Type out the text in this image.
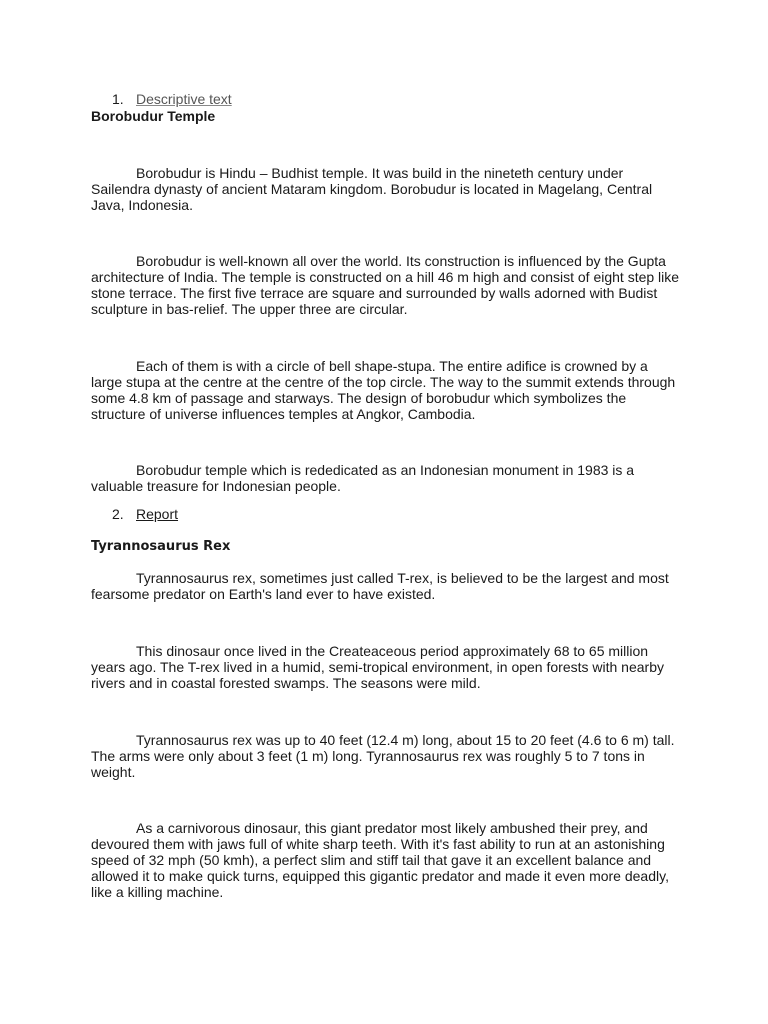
1. Descriptive text
Borobudur Temple

Borobudur is Hindu – Budhist temple. It was build in the nineteth century under Sailendra dynasty of ancient Mataram kingdom. Borobudur is located in Magelang, Central Java, Indonesia.

Borobudur is well-known all over the world. Its construction is influenced by the Gupta architecture of India. The temple is constructed on a hill 46 m high and consist of eight step like stone terrace. The first five terrace are square and surrounded by walls adorned with Budist sculpture in bas-relief. The upper three are circular.

Each of them is with a circle of bell shape-stupa. The entire adifice is crowned by a large stupa at the centre at the centre of the top circle. The way to the summit extends through some 4.8 km of passage and starways. The design of borobudur which symbolizes the structure of universe influences temples at Angkor, Cambodia.

Borobudur temple which is rededicated as an Indonesian monument in 1983 is a valuable treasure for Indonesian people.

2. Report
Tyrannosaurus Rex

Tyrannosaurus rex, sometimes just called T-rex, is believed to be the largest and most fearsome predator on Earth's land ever to have existed.

This dinosaur once lived in the Createaceous period approximately 68 to 65 million years ago. The T-rex lived in a humid, semi-tropical environment, in open forests with nearby rivers and in coastal forested swamps. The seasons were mild.

Tyrannosaurus rex was up to 40 feet (12.4 m) long, about 15 to 20 feet (4.6 to 6 m) tall. The arms were only about 3 feet (1 m) long. Tyrannosaurus rex was roughly 5 to 7 tons in weight.

As a carnivorous dinosaur, this giant predator most likely ambushed their prey, and devoured them with jaws full of white sharp teeth. With it's fast ability to run at an astonishing speed of 32 mph (50 kmh), a perfect slim and stiff tail that gave it an excellent balance and allowed it to make quick turns, equipped this gigantic predator and made it even more deadly, like a killing machine.
